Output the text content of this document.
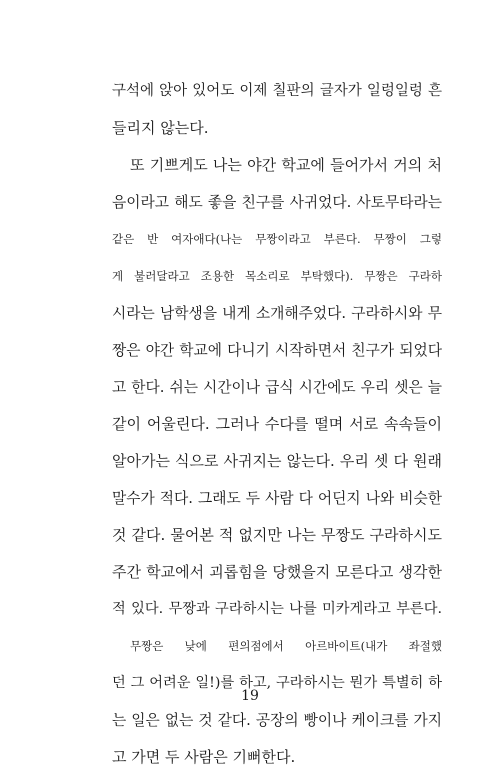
구석에 앉아 있어도 이제 칠판의 글자가 일렁일렁 흔
들리지 않는다.
또 기쁘게도 나는 야간 학교에 들어가서 거의 처
음이라고 해도 좋을 친구를 사귀었다. 사토무타라는
같은 반 여자애다(나는 무짱이라고 부른다. 무짱이 그렇
게 불러달라고 조용한 목소리로 부탁했다). 무짱은 구라하
시라는 남학생을 내게 소개해주었다. 구라하시와 무
짱은 야간 학교에 다니기 시작하면서 친구가 되었다
고 한다. 쉬는 시간이나 급식 시간에도 우리 셋은 늘
같이 어울린다. 그러나 수다를 떨며 서로 속속들이
알아가는 식으로 사귀지는 않는다. 우리 셋 다 원래
말수가 적다. 그래도 두 사람 다 어딘지 나와 비슷한
것 같다. 물어본 적 없지만 나는 무짱도 구라하시도
주간 학교에서 괴롭힘을 당했을지 모른다고 생각한
적 있다. 무짱과 구라하시는 나를 미카게라고 부른다.
무짱은 낮에 편의점에서 아르바이트(내가 좌절했
던 그 어려운 일!)를 하고, 구라하시는 뭔가 특별히 하
는 일은 없는 것 같다. 공장의 빵이나 케이크를 가지
고 가면 두 사람은 기뻐한다.
19
